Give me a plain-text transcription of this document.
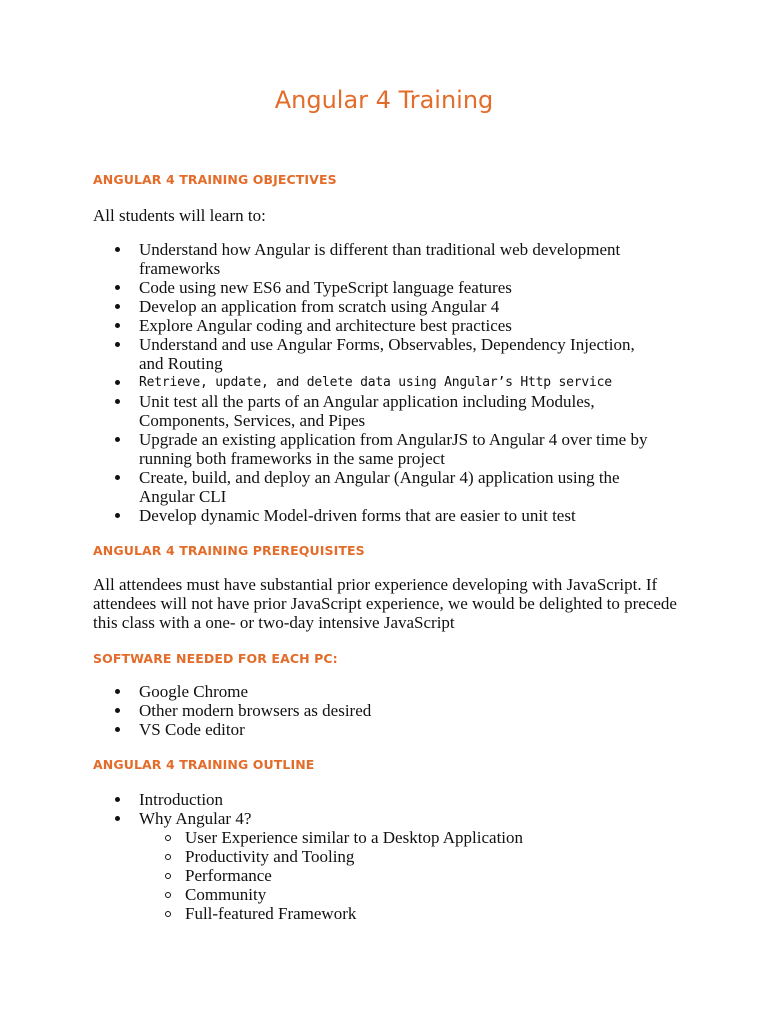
Angular 4 Training
ANGULAR 4 TRAINING OBJECTIVES

All students will learn to:

Understand how Angular is different than traditional web development frameworks
Code using new ES6 and TypeScript language features
Develop an application from scratch using Angular 4
Explore Angular coding and architecture best practices
Understand and use Angular Forms, Observables, Dependency Injection, and Routing
Retrieve, update, and delete data using Angular’s Http service
Unit test all the parts of an Angular application including Modules, Components, Services, and Pipes
Upgrade an existing application from AngularJS to Angular 4 over time by running both frameworks in the same project
Create, build, and deploy an Angular (Angular 4) application using the Angular CLI
Develop dynamic Model-driven forms that are easier to unit test
ANGULAR 4 TRAINING PREREQUISITES

All attendees must have substantial prior experience developing with JavaScript. If attendees will not have prior JavaScript experience, we would be delighted to precede this class with a one- or two-day intensive JavaScript

SOFTWARE NEEDED FOR EACH PC:
Google Chrome
Other modern browsers as desired
VS Code editor
ANGULAR 4 TRAINING OUTLINE
Introduction
Why Angular 4?
User Experience similar to a Desktop Application
Productivity and Tooling
Performance
Community
Full-featured Framework
